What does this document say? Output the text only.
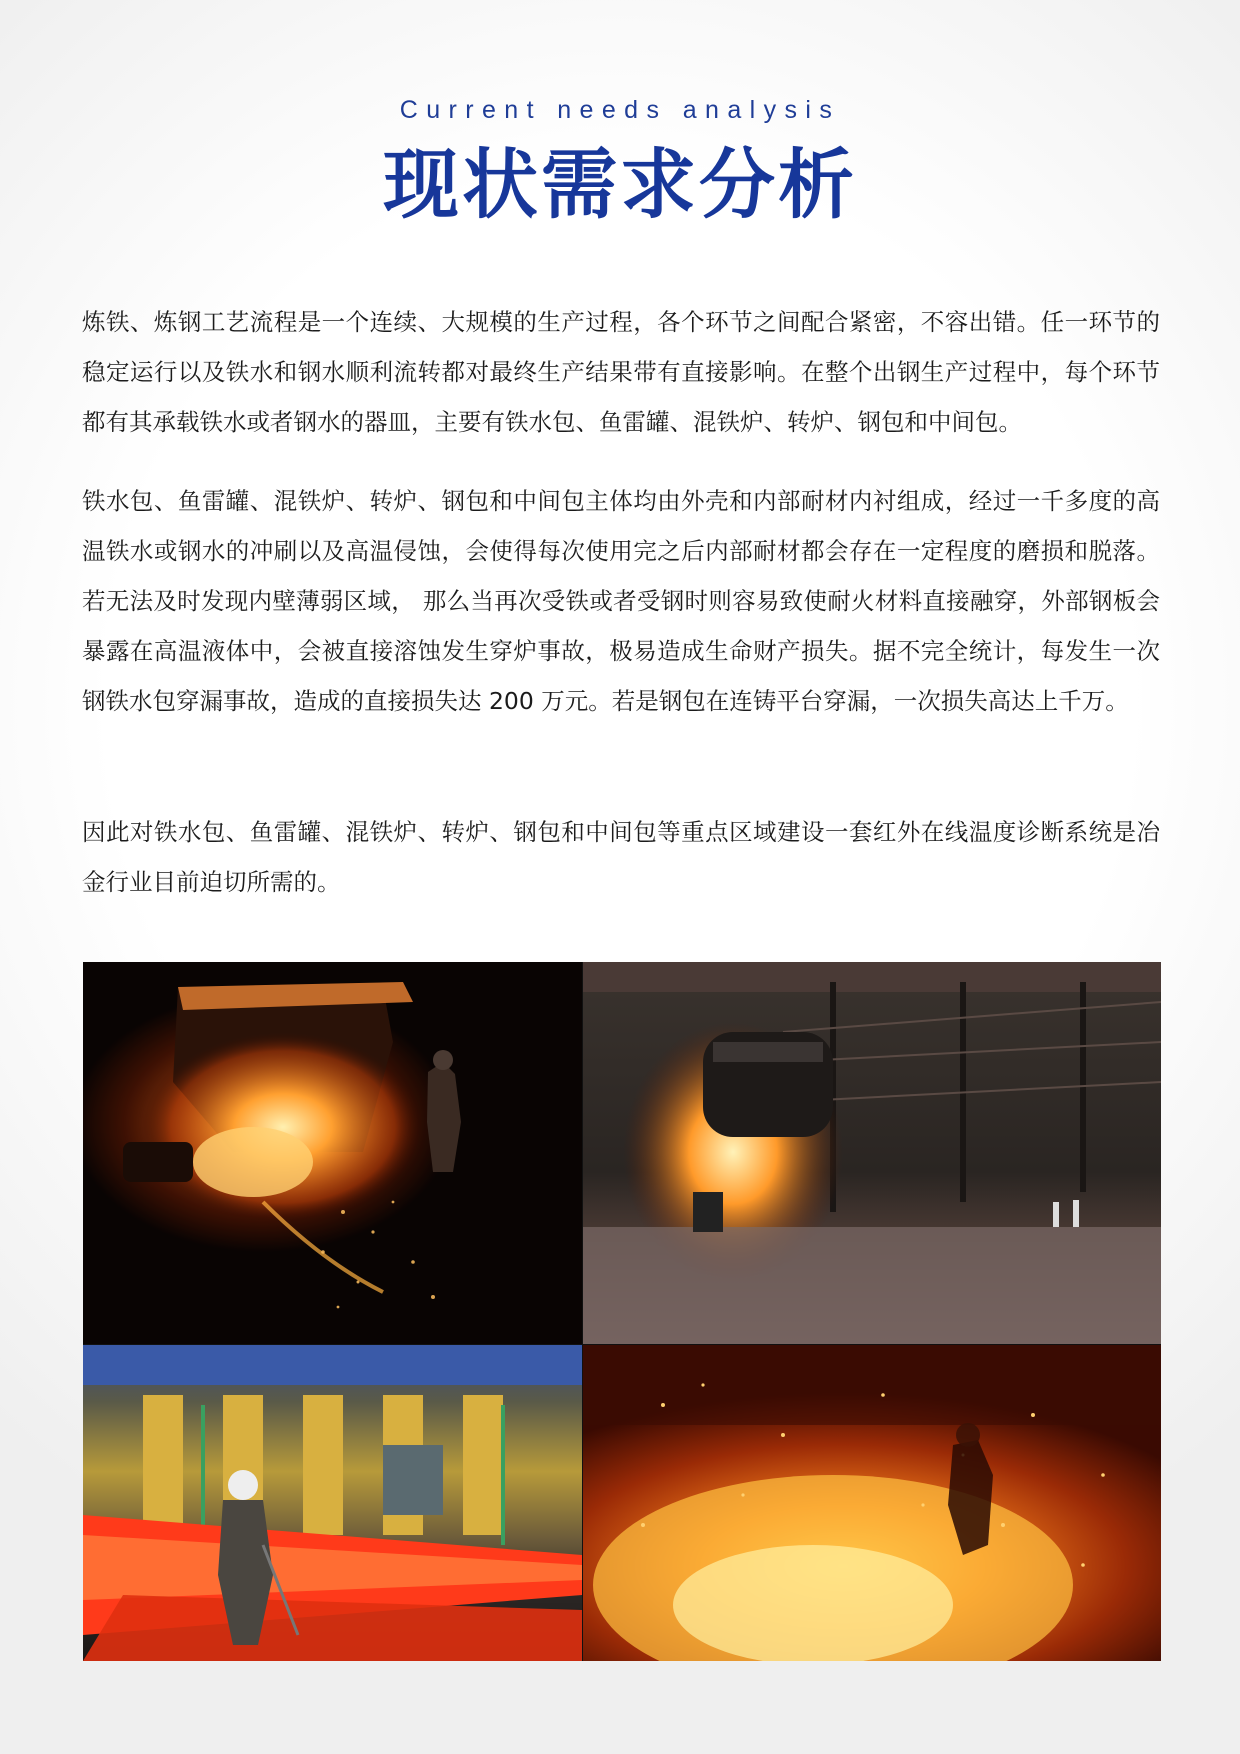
Current needs analysis
现状需求分析

炼铁、炼钢工艺流程是一个连续、大规模的生产过程，各个环节之间配合紧密，不容出错。任一环节的稳定运行以及铁水和钢水顺利流转都对最终生产结果带有直接影响。在整个出钢生产过程中，每个环节都有其承载铁水或者钢水的器皿，主要有铁水包、鱼雷罐、混铁炉、转炉、钢包和中间包。

铁水包、鱼雷罐、混铁炉、转炉、钢包和中间包主体均由外壳和内部耐材内衬组成，经过一千多度的高温铁水或钢水的冲刷以及高温侵蚀，会使得每次使用完之后内部耐材都会存在一定程度的磨损和脱落。若无法及时发现内壁薄弱区域， 那么当再次受铁或者受钢时则容易致使耐火材料直接融穿，外部钢板会暴露在高温液体中，会被直接溶蚀发生穿炉事故，极易造成生命财产损失。据不完全统计，每发生一次钢铁水包穿漏事故，造成的直接损失达 200 万元。若是钢包在连铸平台穿漏，一次损失高达上千万。

因此对铁水包、鱼雷罐、混铁炉、转炉、钢包和中间包等重点区域建设一套红外在线温度诊断系统是冶金行业目前迫切所需的。
